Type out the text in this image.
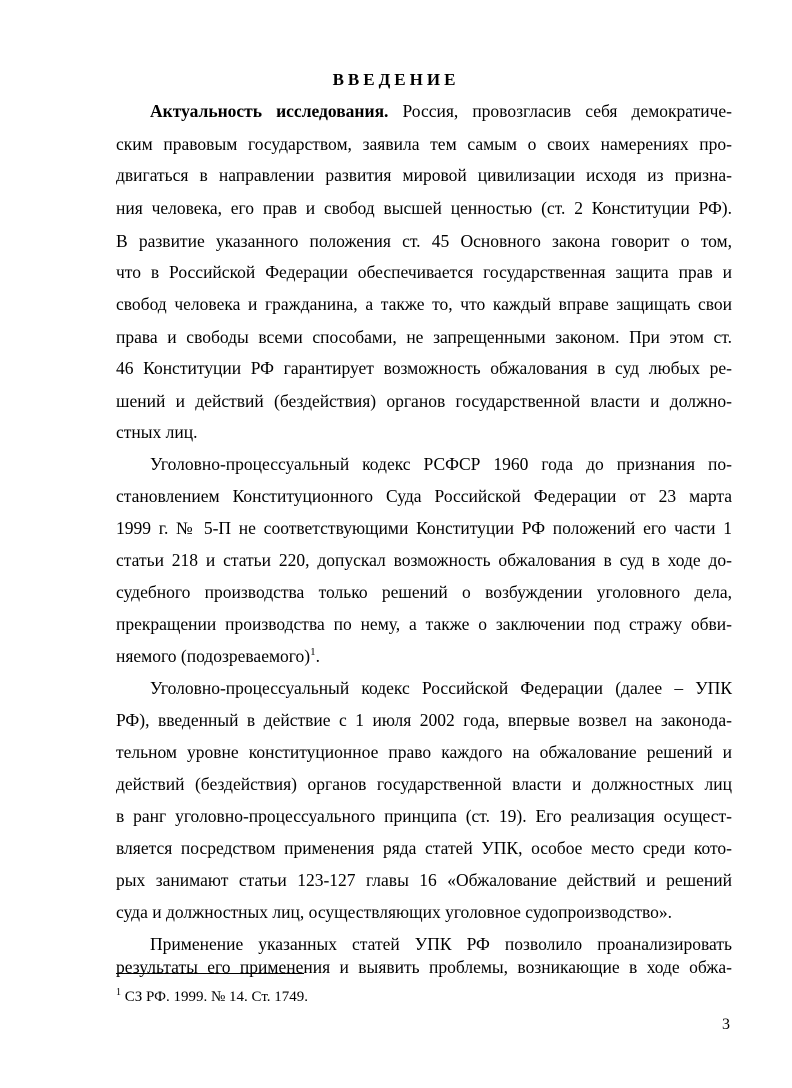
ВВЕДЕНИЕ
Актуальность исследования. Россия, провозгласив себя демократиче-
ским правовым государством, заявила тем самым о своих намерениях про-
двигаться в направлении развития мировой цивилизации исходя из призна-
ния человека, его прав и свобод высшей ценностью (ст. 2 Конституции РФ).
В развитие указанного положения ст. 45 Основного закона говорит о том,
что в Российской Федерации обеспечивается государственная защита прав и
свобод человека и гражданина, а также то, что каждый вправе защищать свои
права и свободы всеми способами, не запрещенными законом. При этом ст.
46 Конституции РФ гарантирует возможность обжалования в суд любых ре-
шений и действий (бездействия) органов государственной власти и должно-
стных лиц.
Уголовно-процессуальный кодекс РСФСР 1960 года до признания по-
становлением Конституционного Суда Российской Федерации от 23 марта
1999 г. № 5-П не соответствующими Конституции РФ положений его части 1
статьи 218 и статьи 220, допускал возможность обжалования в суд в ходе до-
судебного производства только решений о возбуждении уголовного дела,
прекращении производства по нему, а также о заключении под стражу обви-
няемого (подозреваемого)$^1$.
Уголовно-процессуальный кодекс Российской Федерации (далее – УПК
РФ), введенный в действие с 1 июля 2002 года, впервые возвел на законода-
тельном уровне конституционное право каждого на обжалование решений и
действий (бездействия) органов государственной власти и должностных лиц
в ранг уголовно-процессуального принципа (ст. 19). Его реализация осущест-
вляется посредством применения ряда статей УПК, особое место среди кото-
рых занимают статьи 123-127 главы 16 «Обжалование действий и решений
суда и должностных лиц, осуществляющих уголовное судопроизводство».
Применение указанных статей УПК РФ позволило проанализировать
результаты его применения и выявить проблемы, возникающие в ходе обжа-
$^1$ СЗ РФ. 1999. № 14. Ст. 1749.
3
